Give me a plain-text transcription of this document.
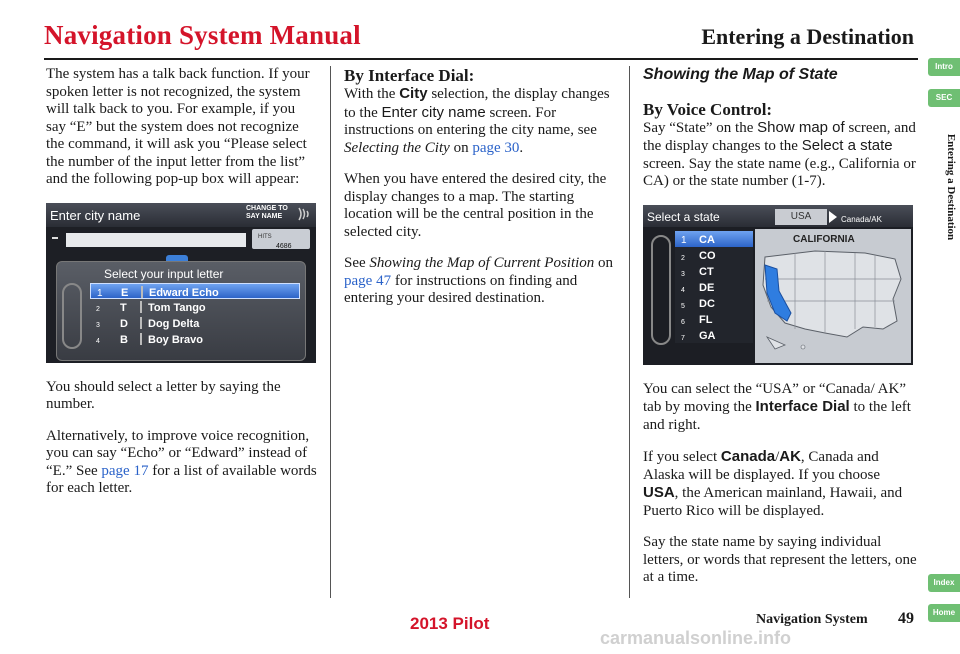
Navigation System Manual	Entering a Destination
Intro
SEC
Entering a Destination
Index
Home

The system has a talk back function. If your spoken letter is not recognized, the system will talk back to you. For example, if you say “E” but the system does not recognize the command, it will ask you “Please select the number of the input letter from the list” and the following pop-up box will appear:

Enter city name	CHANGE TO
SAY NAME
HITS
4686
Select your input letter
1 E Edward Echo
2 T Tom Tango
3 D Dog Delta
4 B Boy Bravo

You should select a letter by saying the number.

Alternatively, to improve voice recognition, you can say “Echo” or “Edward” instead of “E.” See page 17 for a list of available words for each letter.

By Interface Dial:

With the City selection, the display changes to the Enter city name screen. For instructions on entering the city name, see Selecting the City on page 30.

When you have entered the desired city, the display changes to a map. The starting location will be the central position in the selected city.

See Showing the Map of Current Position on page 47 for instructions on finding and entering your desired destination.

Showing the Map of State
By Voice Control:

Say “State” on the Show map of screen, and the display changes to the Select a state screen. Say the state name (e.g., California or CA) or the state number (1-7).

Select a state	USA	Canada/AK
1 CA
2 CO
3 CT
4 DE
5 DC
6 FL
7 GA
CALIFORNIA

You can select the “USA” or “Canada/ AK” tab by moving the Interface Dial to the left and right.

If you select Canada/AK, Canada and Alaska will be displayed. If you choose USA, the American mainland, Hawaii, and Puerto Rico will be displayed.

Say the state name by saying individual letters, or words that represent the letters, one at a time.

Navigation System 49
2013 Pilot
carmanualsonline.info
